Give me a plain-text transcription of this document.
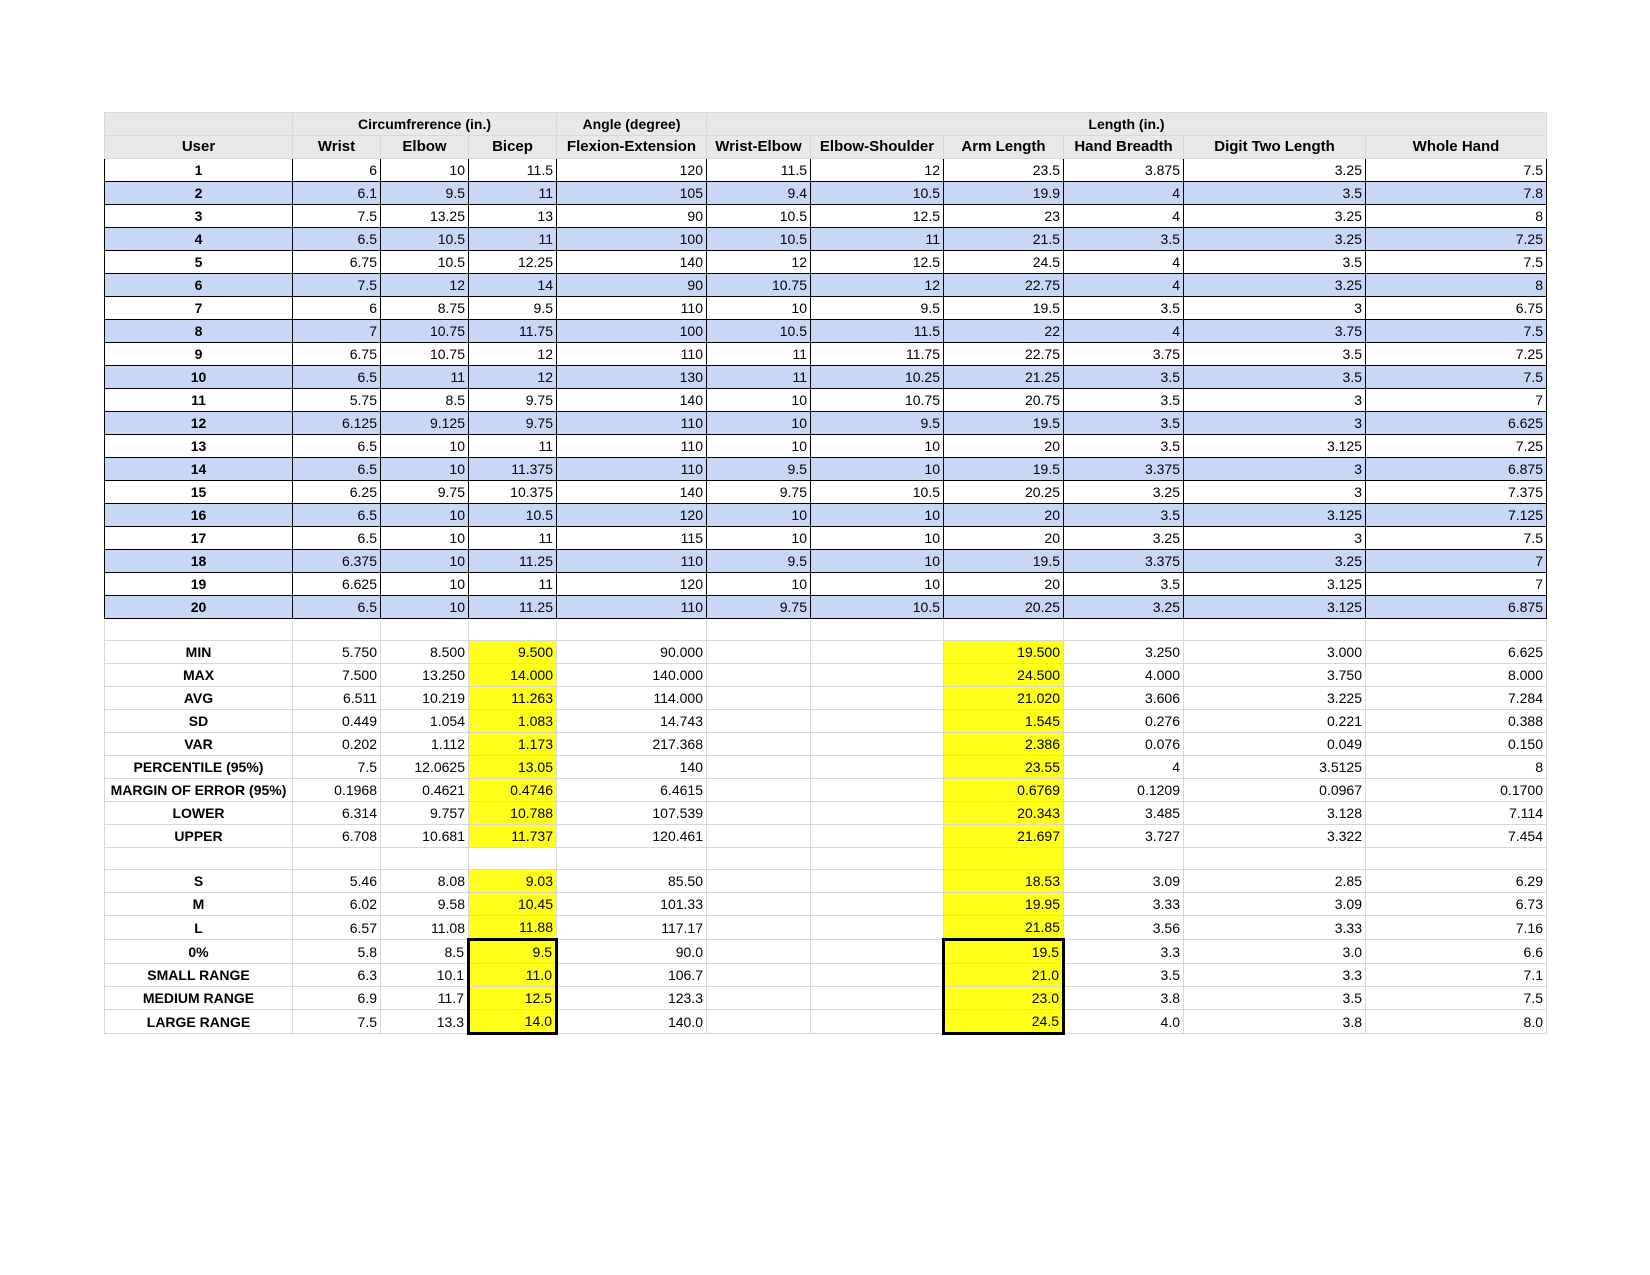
	Circumfrerence (in.)			Angle (degree)	Length (in.)					
User	Wrist	Elbow	Bicep	Flexion-Extension	Wrist-Elbow	Elbow-Shoulder	Arm Length	Hand Breadth	Digit Two Length	Whole Hand
1	6	10	11.5	120	11.5	12	23.5	3.875	3.25	7.5
2	6.1	9.5	11	105	9.4	10.5	19.9	4	3.5	7.8
3	7.5	13.25	13	90	10.5	12.5	23	4	3.25	8
4	6.5	10.5	11	100	10.5	11	21.5	3.5	3.25	7.25
5	6.75	10.5	12.25	140	12	12.5	24.5	4	3.5	7.5
6	7.5	12	14	90	10.75	12	22.75	4	3.25	8
7	6	8.75	9.5	110	10	9.5	19.5	3.5	3	6.75
8	7	10.75	11.75	100	10.5	11.5	22	4	3.75	7.5
9	6.75	10.75	12	110	11	11.75	22.75	3.75	3.5	7.25
10	6.5	11	12	130	11	10.25	21.25	3.5	3.5	7.5
11	5.75	8.5	9.75	140	10	10.75	20.75	3.5	3	7
12	6.125	9.125	9.75	110	10	9.5	19.5	3.5	3	6.625
13	6.5	10	11	110	10	10	20	3.5	3.125	7.25
14	6.5	10	11.375	110	9.5	10	19.5	3.375	3	6.875
15	6.25	9.75	10.375	140	9.75	10.5	20.25	3.25	3	7.375
16	6.5	10	10.5	120	10	10	20	3.5	3.125	7.125
17	6.5	10	11	115	10	10	20	3.25	3	7.5
18	6.375	10	11.25	110	9.5	10	19.5	3.375	3.25	7
19	6.625	10	11	120	10	10	20	3.5	3.125	7
20	6.5	10	11.25	110	9.75	10.5	20.25	3.25	3.125	6.875

MIN	5.750	8.500	9.500	90.000			19.500	3.250	3.000	6.625
MAX	7.500	13.250	14.000	140.000			24.500	4.000	3.750	8.000
AVG	6.511	10.219	11.263	114.000			21.020	3.606	3.225	7.284
SD	0.449	1.054	1.083	14.743			1.545	0.276	0.221	0.388
VAR	0.202	1.112	1.173	217.368			2.386	0.076	0.049	0.150
PERCENTILE (95%)	7.5	12.0625	13.05	140			23.55	4	3.5125	8
MARGIN OF ERROR (95%)	0.1968	0.4621	0.4746	6.4615			0.6769	0.1209	0.0967	0.1700
LOWER	6.314	9.757	10.788	107.539			20.343	3.485	3.128	7.114
UPPER	6.708	10.681	11.737	120.461			21.697	3.727	3.322	7.454

S	5.46	8.08	9.03	85.50			18.53	3.09	2.85	6.29
M	6.02	9.58	10.45	101.33			19.95	3.33	3.09	6.73
L	6.57	11.08	11.88	117.17			21.85	3.56	3.33	7.16
0%	5.8	8.5	9.5	90.0			19.5	3.3	3.0	6.6
SMALL RANGE	6.3	10.1	11.0	106.7			21.0	3.5	3.3	7.1
MEDIUM RANGE	6.9	11.7	12.5	123.3			23.0	3.8	3.5	7.5
LARGE RANGE	7.5	13.3	14.0	140.0			24.5	4.0	3.8	8.0
